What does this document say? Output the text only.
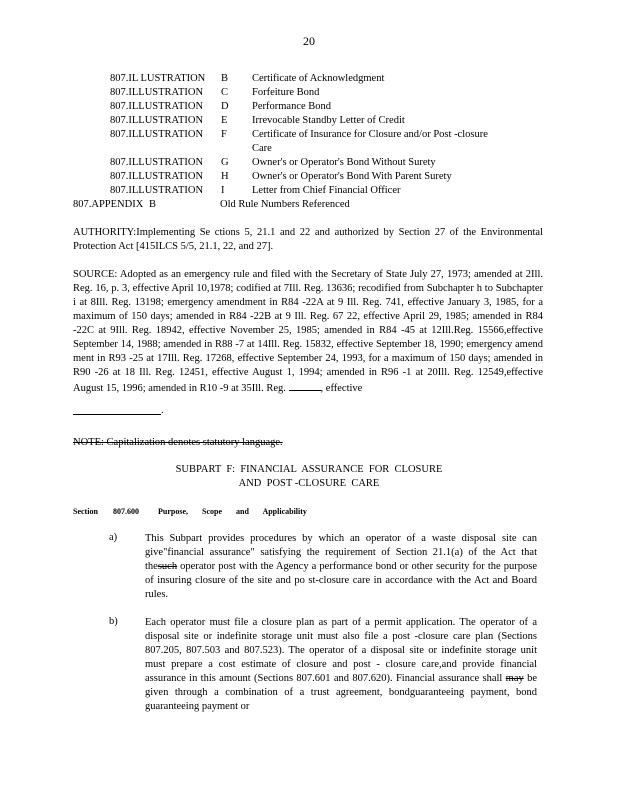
20
807.IL LUSTRATION B Certificate of Acknowledgment
807.ILLUSTRATION C Forfeiture Bond
807.ILLUSTRATION D Performance Bond
807.ILLUSTRATION E Irrevocable Standby Letter of Credit
807.ILLUSTRATION F Certificate of Insurance for Closure and/or Post -closure
Care
807.ILLUSTRATION G Owner's or Operator's Bond Without Surety
807.ILLUSTRATION H Owner's or Operator's Bond With Parent Surety
807.ILLUSTRATION I	Letter from Chief Financial Officer
807.APPENDIX B	Old Rule Numbers Referenced
AUTHORITY:Implementing Se ctions 5, 21.1 and 22 and authorized by Section 27 of the Environmental Protection Act [415ILCS 5/5, 21.1, 22, and 27].
SOURCE: Adopted as an emergency rule and filed with the Secretary of State July 27, 1973; amended at 2Ill. Reg. 16, p. 3, effective April 10,1978; codified at 7Ill. Reg. 13636; recodified from Subchapter h to Subchapter i at 8Ill. Reg. 13198; emergency amendment in R84 -22A at 9 Ill. Reg. 741, effective January 3, 1985, for a maximum of 150 days; amended in R84 -22B at 9 Ill. Reg. 67 22, effective April 29, 1985; amended in R84 -22C at 9Ill. Reg. 18942, effective November 25, 1985; amended in R84 -45 at 12Ill.Reg. 15566,effective September 14, 1988; amended in R88 -7 at 14Ill. Reg. 15832, effective September 18, 1990; emergency amend ment in R93 -25 at 17Ill. Reg. 17268, effective September 24, 1993, for a maximum of 150 days; amended in R90 -26 at 18 Ill. Reg. 12451, effective August 1, 1994; amended in R96 -1 at 20Ill. Reg. 12549,effective August 15, 1996; amended in R10 -9 at 35Ill. Reg.	, effective
.
NOTE: Capitalization denotes statutory language.
SUBPART  F:  FINANCIAL  ASSURANCE  FOR  CLOSURE
AND  POST -CLOSURE  CARE
Section 807.600 Purpose,       Scope       and       Applicability
a)	This Subpart provides procedures by which an operator of a waste disposal site can give"financial assurance" satisfying the requirement of Section 21.1(a) of the Act that thesuch operator post with the Agency a performance bond or other security for the purpose of insuring closure of the site and po st-closure care in accordance with the Act and Board rules.
b)	Each operator must file a closure plan as part of a permit application. The operator of a disposal site or indefinite storage unit must also file a post -closure care plan (Sections 807.205, 807.503 and 807.523). The operator of a disposal site or indefinite storage unit must prepare a cost estimate of closure and post - closure care,and provide financial assurance in this amount (Sections 807.601 and 807.620). Financial assurance shall may be given through a combination of a trust agreement, bondguaranteeing payment, bond guaranteeing payment or
